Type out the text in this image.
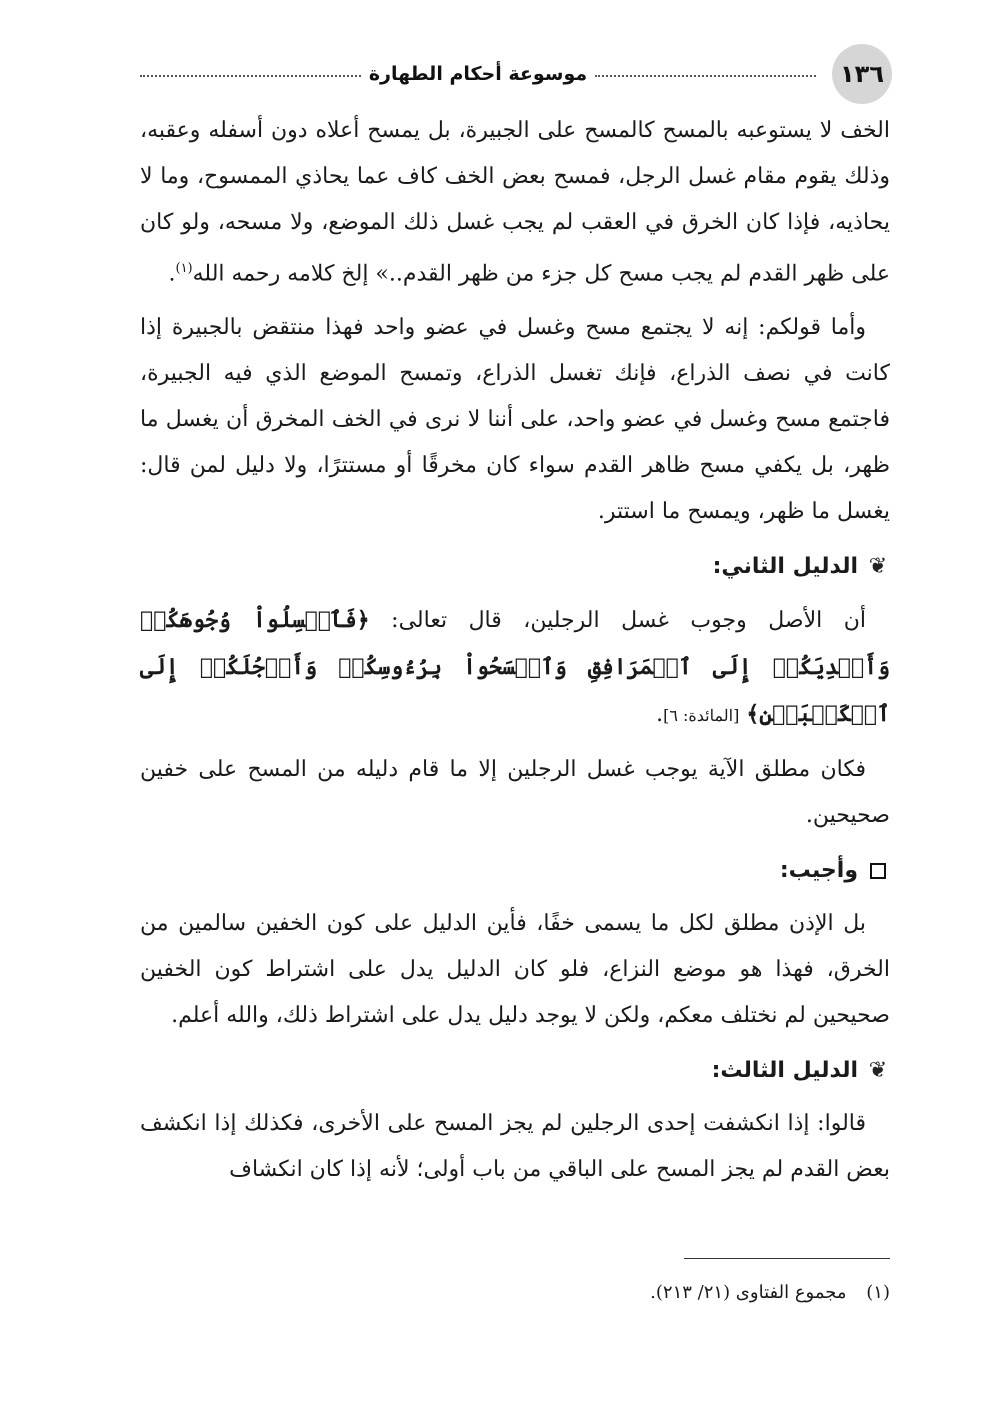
١٣٦
موسوعة أحكام الطهارة

الخف لا يستوعبه بالمسح كالمسح على الجبيرة، بل يمسح أعلاه دون أسفله وعقبه، وذلك يقوم مقام غسل الرجل، فمسح بعض الخف كاف عما يحاذي الممسوح، وما لا يحاذيه، فإذا كان الخرق في العقب لم يجب غسل ذلك الموضع، ولا مسحه، ولو كان على ظهر القدم لم يجب مسح كل جزء من ظهر القدم..» إلخ كلامه رحمه الله$^{(١)}$.

وأما قولكم: إنه لا يجتمع مسح وغسل في عضو واحد فهذا منتقض بالجبيرة إذا كانت في نصف الذراع، فإنك تغسل الذراع، وتمسح الموضع الذي فيه الجبيرة، فاجتمع مسح وغسل في عضو واحد، على أننا لا نرى في الخف المخرق أن يغسل ما ظهر، بل يكفي مسح ظاهر القدم سواء كان مخرقًا أو مستترًا، ولا دليل لمن قال: يغسل ما ظهر، ويمسح ما استتر.

❦
الدليل الثاني:

أن الأصل وجوب غسل الرجلين، قال تعالى: ﴿فَٱغۡسِلُواْ وُجُوهَكُمۡ وَأَيۡدِيَكُمۡ إِلَى ٱلۡمَرَافِقِ وَٱمۡسَحُواْ بِرُءُوسِكُمۡ وَأَرۡجُلَكُمۡ إِلَى ٱلۡكَعۡبَيۡنِ﴾ [المائدة: ٦].

فكان مطلق الآية يوجب غسل الرجلين إلا ما قام دليله من المسح على خفين صحيحين.

وأجيب:

بل الإذن مطلق لكل ما يسمى خفًا، فأين الدليل على كون الخفين سالمين من الخرق، فهذا هو موضع النزاع، فلو كان الدليل يدل على اشتراط كون الخفين صحيحين لم نختلف معكم، ولكن لا يوجد دليل يدل على اشتراط ذلك، والله أعلم.

❦
الدليل الثالث:

قالوا: إذا انكشفت إحدى الرجلين لم يجز المسح على الأخرى، فكذلك إذا انكشف بعض القدم لم يجز المسح على الباقي من باب أولى؛ لأنه إذا كان انكشاف

(١) مجموع الفتاوى (٢١/ ٢١٣).
